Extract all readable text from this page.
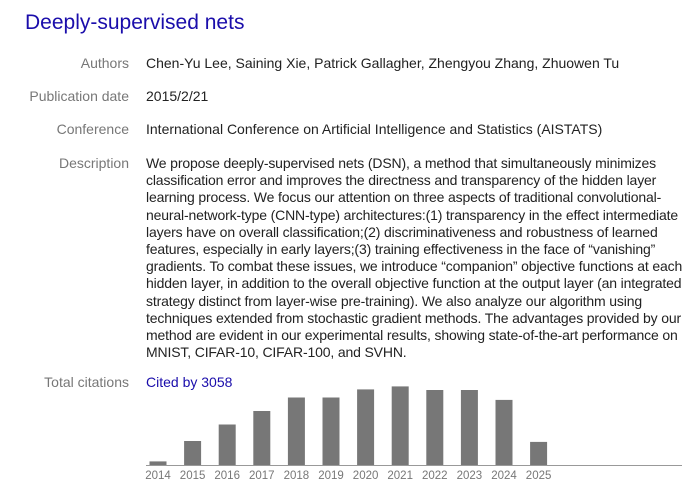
Deeply-supervised nets
Authors Chen-Yu Lee, Saining Xie, Patrick Gallagher, Zhengyou Zhang, Zhuowen Tu
Publication date 2015/2/21
Conference International Conference on Artificial Intelligence and Statistics (AISTATS)
Description We propose deeply-supervised nets (DSN), a method that simultaneously minimizes classification error and improves the directness and transparency of the hidden layer learning process. We focus our attention on three aspects of traditional convolutional-neural-network-type (CNN-type) architectures:(1) transparency in the effect intermediate layers have on overall classification;(2) discriminativeness and robustness of learned features, especially in early layers;(3) training effectiveness in the face of “vanishing” gradients. To combat these issues, we introduce “companion” objective functions at each hidden layer, in addition to the overall objective function at the output layer (an integrated strategy distinct from layer-wise pre-training). We also analyze our algorithm using techniques extended from stochastic gradient methods. The advantages provided by our method are evident in our experimental results, showing state-of-the-art performance on MNIST, CIFAR-10, CIFAR-100, and SVHN.
Total citations Cited by 3058
2014 2015 2016 2017 2018 2019 2020 2021 2022 2023 2024 2025
